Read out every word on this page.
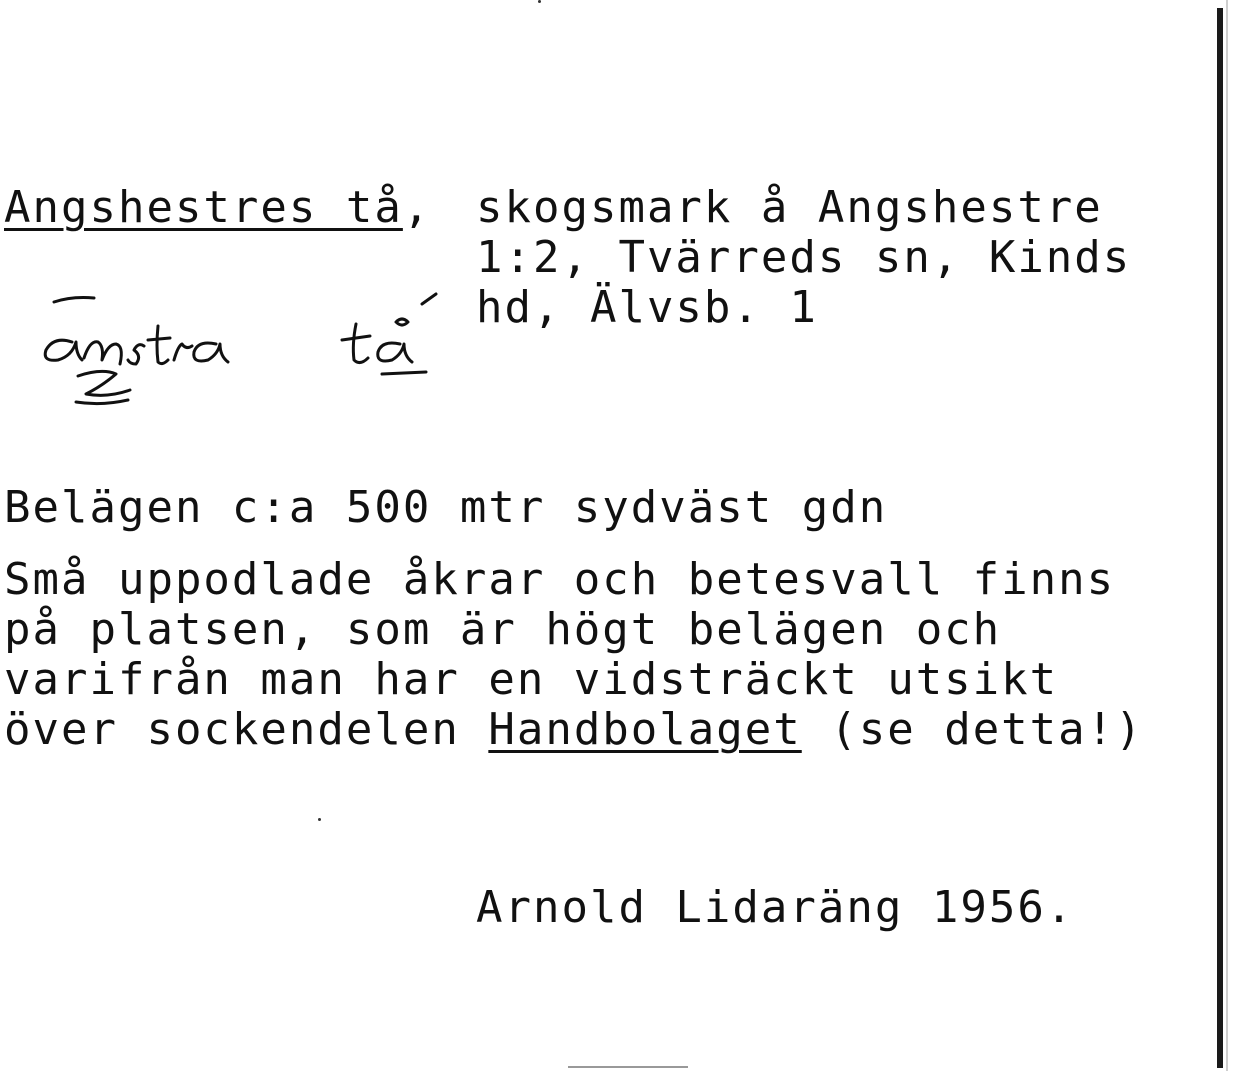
Angshestres tå, skogsmark å Angshestre
1:2, Tvärreds sn, Kinds
hd, Älvsb. 1
Belägen c:a 500 mtr sydväst gdn
Små uppodlade åkrar och betesvall finns
på platsen, som är högt belägen och
varifrån man har en vidsträckt utsikt
över sockendelen Handbolaget (se detta!)
Arnold Lidaräng 1956.
